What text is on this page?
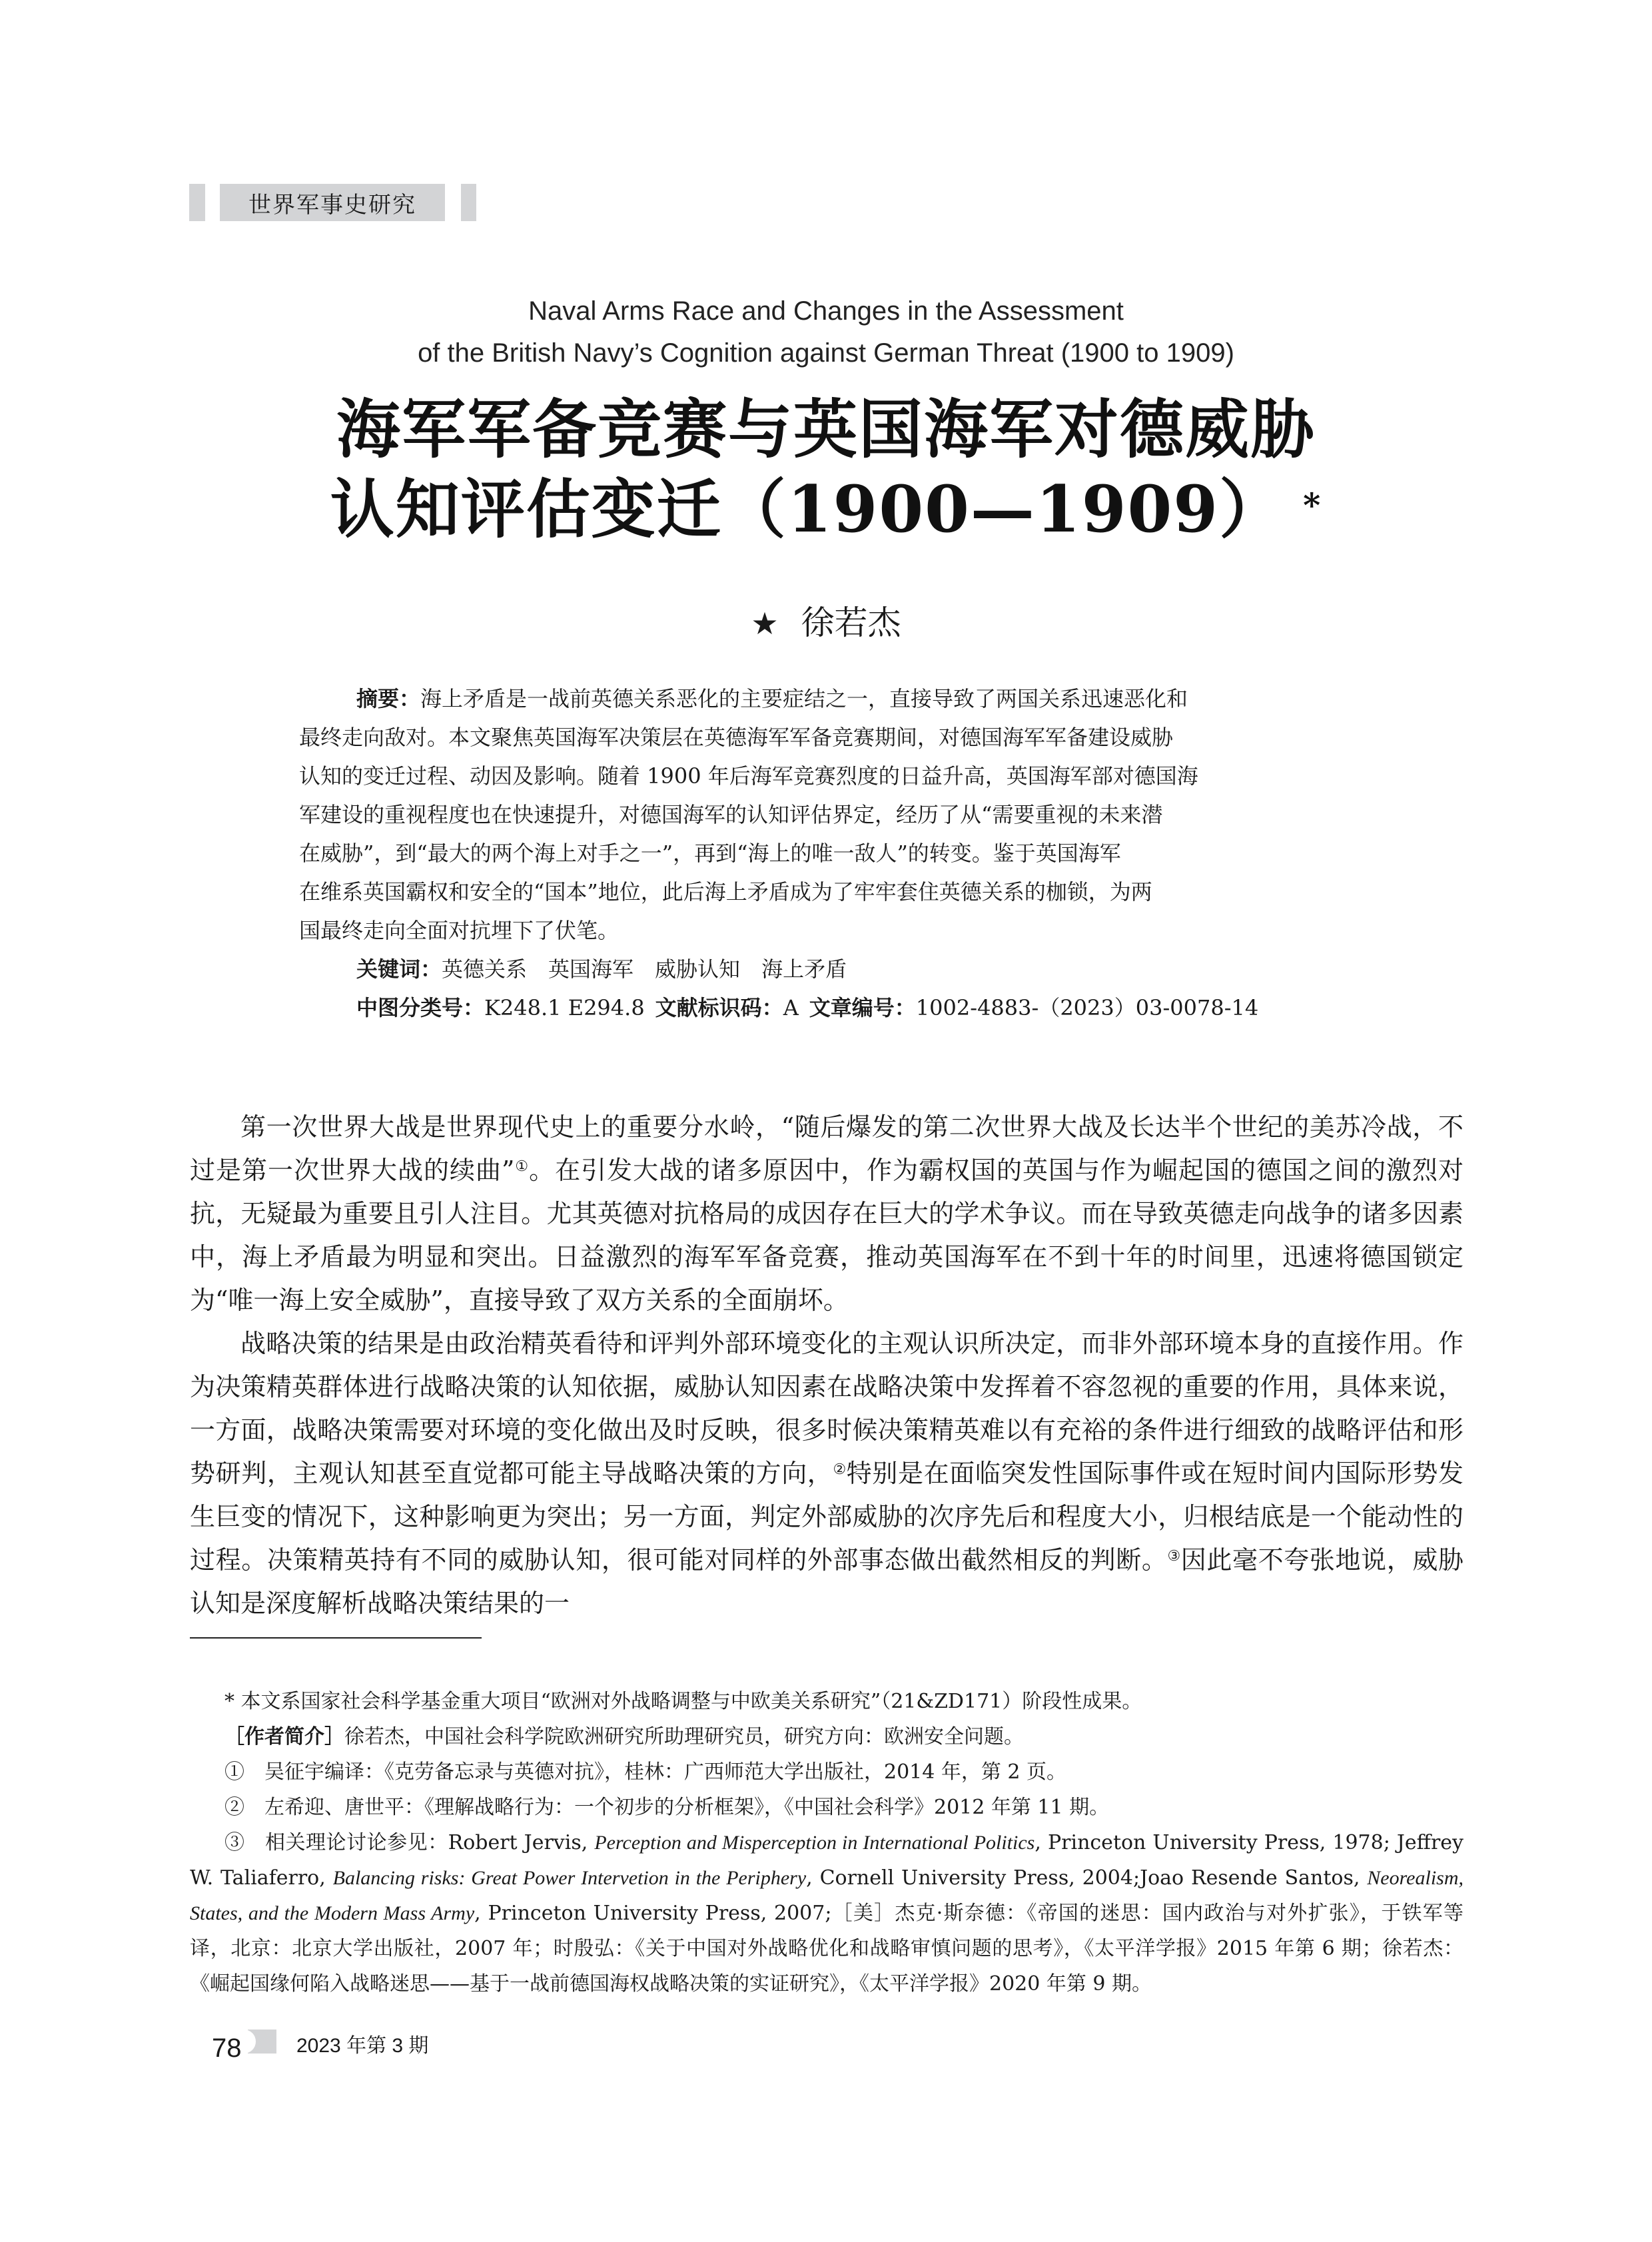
世界军事史研究
Naval Arms Race and Changes in the Assessment
of the British Navy’s Cognition against German Threat (1900 to 1909)
海军军备竞赛与英国海军对德威胁
认知评估变迁（1900—1909） *
★ 徐若杰
摘要：海上矛盾是一战前英德关系恶化的主要症结之一，直接导致了两国关系迅速恶化和
最终走向敌对。本文聚焦英国海军决策层在英德海军军备竞赛期间，对德国海军军备建设威胁
认知的变迁过程、动因及影响。随着 1900 年后海军竞赛烈度的日益升高，英国海军部对德国海
军建设的重视程度也在快速提升，对德国海军的认知评估界定，经历了从“需要重视的未来潜
在威胁”，到“最大的两个海上对手之一”，再到“海上的唯一敌人”的转变。鉴于英国海军
在维系英国霸权和安全的“国本”地位，此后海上矛盾成为了牢牢套住英德关系的枷锁，为两
国最终走向全面对抗埋下了伏笔。
关键词：英德关系  英国海军  威胁认知  海上矛盾
中图分类号：K248.1 E294.8  文献标识码：A  文章编号：1002-4883-（2023）03-0078-14

第一次世界大战是世界现代史上的重要分水岭，“随后爆发的第二次世界大战及长达半个世纪的美苏冷战，不过是第一次世界大战的续曲”①。在引发大战的诸多原因中，作为霸权国的英国与作为崛起国的德国之间的激烈对抗，无疑最为重要且引人注目。尤其英德对抗格局的成因存在巨大的学术争议。而在导致英德走向战争的诸多因素中，海上矛盾最为明显和突出。日益激烈的海军军备竞赛，推动英国海军在不到十年的时间里，迅速将德国锁定为“唯一海上安全威胁”，直接导致了双方关系的全面崩坏。

战略决策的结果是由政治精英看待和评判外部环境变化的主观认识所决定，而非外部环境本身的直接作用。作为决策精英群体进行战略决策的认知依据，威胁认知因素在战略决策中发挥着不容忽视的重要的作用，具体来说，一方面，战略决策需要对环境的变化做出及时反映，很多时候决策精英难以有充裕的条件进行细致的战略评估和形势研判，主观认知甚至直觉都可能主导战略决策的方向，②特别是在面临突发性国际事件或在短时间内国际形势发生巨变的情况下，这种影响更为突出；另一方面，判定外部威胁的次序先后和程度大小，归根结底是一个能动性的过程。决策精英持有不同的威胁认知，很可能对同样的外部事态做出截然相反的判断。③因此毫不夸张地说，威胁认知是深度解析战略决策结果的一

* 本文系国家社会科学基金重大项目“欧洲对外战略调整与中欧美关系研究”（21&ZD171）阶段性成果。

［作者简介］徐若杰，中国社会科学院欧洲研究所助理研究员，研究方向：欧洲安全问题。

①　吴征宇编译：《克劳备忘录与英德对抗》，桂林：广西师范大学出版社，2014 年，第 2 页。

②　左希迎、唐世平：《理解战略行为：一个初步的分析框架》，《中国社会科学》2012 年第 11 期。

③　相关理论讨论参见：Robert Jervis, Perception and Misperception in International Politics, Princeton University Press, 1978; Jeffrey W. Taliaferro, Balancing risks: Great Power Intervetion in the Periphery, Cornell University Press, 2004;Joao Resende Santos, Neorealism, States, and the Modern Mass Army, Princeton University Press, 2007;［美］杰克·斯奈德：《帝国的迷思：国内政治与对外扩张》，于铁军等译，北京：北京大学出版社，2007 年；时殷弘：《关于中国对外战略优化和战略审慎问题的思考》，《太平洋学报》2015 年第 6 期；徐若杰：《崛起国缘何陷入战略迷思——基于一战前德国海权战略决策的实证研究》，《太平洋学报》2020 年第 9 期。

78	2023 年第 3 期
